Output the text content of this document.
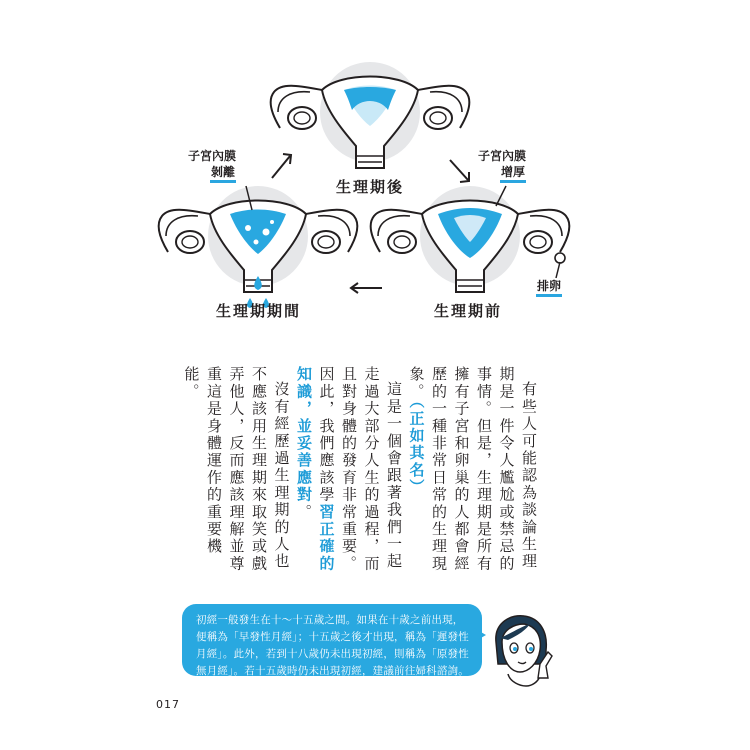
生理期後
生理期期間	生理期前
子宮內膜
剝離
子宮內膜
增厚
排卵

有些人可能認為談論生理期是一件令人尷尬或禁忌的事情。但是，生理期是所有擁有子宮和卵巢的人都會經歷的一種非常日常的生理現象。（正如其名）

這是一個會跟著我們一起走過大部分人生的過程，而且對身體的發育非常重要。因此，我們應該學習正確的知識，並妥善應對。

沒有經歷過生理期的人也不應該用生理期來取笑或戲弄他人，反而應該理解並尊重這是身體運作的重要機能。

初經一般發生在十～十五歲之間。如果在十歲之前出現，便稱為「早發性月經」；十五歲之後才出現，稱為「遲發性月經」。此外，若到十八歲仍未出現初經，則稱為「原發性無月經」。若十五歲時仍未出現初經，建議前往婦科諮詢。
017
